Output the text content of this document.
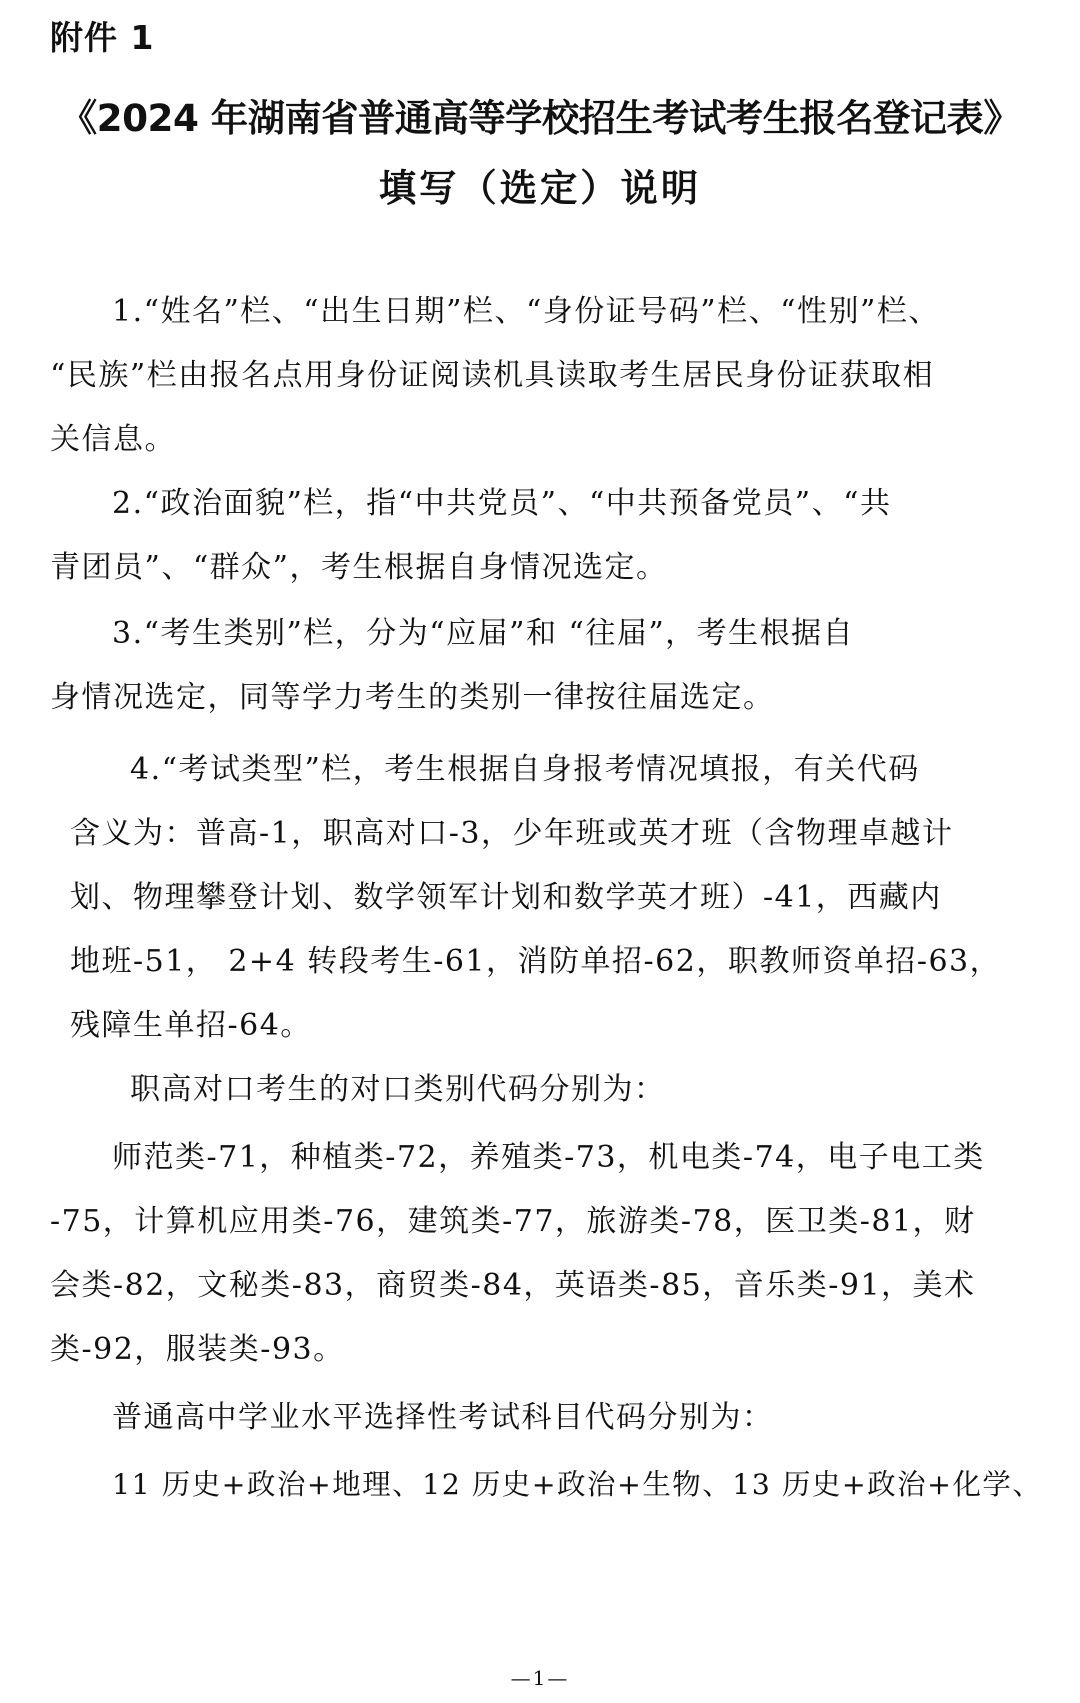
附件 1
《2024 年湖南省普通高等学校招生考试考生报名登记表》
填写（选定）说明
1.“姓名”栏、“出生日期”栏、“身份证号码”栏、“性别”栏、
“民族”栏由报名点用身份证阅读机具读取考生居民身份证获取相
关信息。
2.“政治面貌”栏，指“中共党员”、“中共预备党员”、“共
青团员”、“群众”，考生根据自身情况选定。
3.“考生类别”栏，分为“应届”和 “往届”，考生根据自
身情况选定，同等学力考生的类别一律按往届选定。
4.“考试类型”栏，考生根据自身报考情况填报，有关代码
含义为：普高-1，职高对口-3，少年班或英才班（含物理卓越计
划、物理攀登计划、数学领军计划和数学英才班）-41，西藏内
地班-51， 2+4 转段考生-61，消防单招-62，职教师资单招-63，
残障生单招-64。
职高对口考生的对口类别代码分别为：
师范类-71，种植类-72，养殖类-73，机电类-74，电子电工类
-75，计算机应用类-76，建筑类-77，旅游类-78，医卫类-81，财
会类-82，文秘类-83，商贸类-84，英语类-85，音乐类-91，美术
类-92，服装类-93。
普通高中学业水平选择性考试科目代码分别为：
11 历史+政治+地理、12 历史+政治+生物、13 历史+政治+化学、
—1—
